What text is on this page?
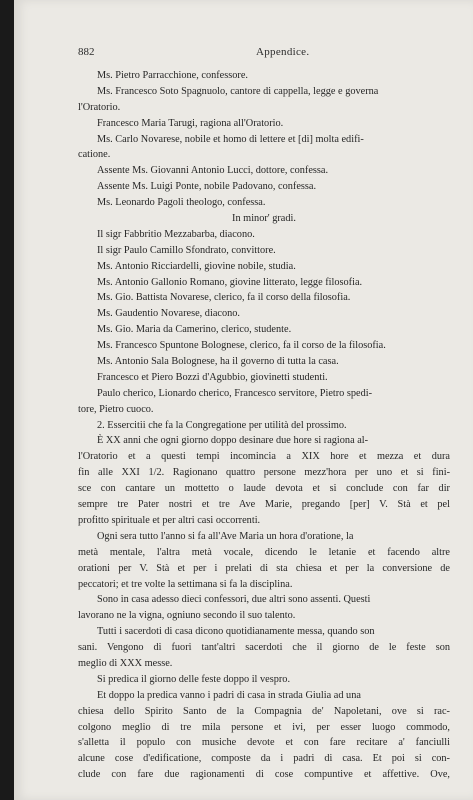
882	Appendice.
Ms. Pietro Parracchione, confessore.
Ms. Francesco Soto Spagnuolo, cantore di cappella, legge e governa
l'Oratorio.
Francesco Maria Tarugi, ragiona all'Oratorio.
Ms. Carlo Novarese, nobile et homo di lettere et [di] molta edifi-
catione.
Assente Ms. Giovanni Antonio Lucci, dottore, confessa.
Assente Ms. Luigi Ponte, nobile Padovano, confessa.
Ms. Leonardo Pagoli theologo, confessa.
In minor' gradi.
Il sigr Fabbritio Mezzabarba, diacono.
Il sigr Paulo Camillo Sfondrato, convittore.
Ms. Antonio Ricciardelli, giovine nobile, studia.
Ms. Antonio Gallonio Romano, giovine litterato, legge filosofia.
Ms. Gio. Battista Novarese, clerico, fa il corso della filosofia.
Ms. Gaudentio Novarese, diacono.
Ms. Gio. Maria da Camerino, clerico, studente.
Ms. Francesco Spuntone Bolognese, clerico, fa il corso de la filosofia.
Ms. Antonio Sala Bolognese, ha il governo di tutta la casa.
Francesco et Piero Bozzi d'Agubbio, giovinetti studenti.
Paulo cherico, Lionardo cherico, Francesco servitore, Pietro spedi-
tore, Pietro cuoco.
2. Essercitii che fa la Congregatione per utilità del prossimo.
È XX anni che ogni giorno doppo desinare due hore si ragiona al-
l'Oratorio et a questi tempi incomincia a XIX hore et mezza et dura
fin alle XXI 1/2. Ragionano quattro persone mezz'hora per uno et si fini-
sce con cantare un mottetto o laude devota et si conclude con far dir
sempre tre Pater nostri et tre Ave Marie, pregando [per] V. Stà et pel
profitto spirituale et per altri casi occorrenti.
Ogni sera tutto l'anno si fa all'Ave Maria un hora d'oratione, la
metà mentale, l'altra metà vocale, dicendo le letanie et facendo altre
orationi per V. Stà et per i prelati di sta chiesa et per la conversione de
peccatori; et tre volte la settimana si fa la disciplina.
Sono in casa adesso dieci confessori, due altri sono assenti. Questi
lavorano ne la vigna, ogniuno secondo il suo talento.
Tutti i sacerdoti di casa dicono quotidianamente messa, quando son
sani. Vengono di fuori tant'altri sacerdoti che il giorno de le feste son
meglio di XXX messe.
Si predica il giorno delle feste doppo il vespro.
Et doppo la predica vanno i padri di casa in strada Giulia ad una
chiesa dello Spirito Santo de la Compagnia de' Napoletani, ove si rac-
colgono meglio di tre mila persone et ivi, per esser luogo commodo,
s'alletta il populo con musiche devote et con fare recitare a' fanciulli
alcune cose d'edificatione, composte da i padri di casa. Et poi si con-
clude con fare due ragionamenti di cose compuntive et affettive. Ove,
